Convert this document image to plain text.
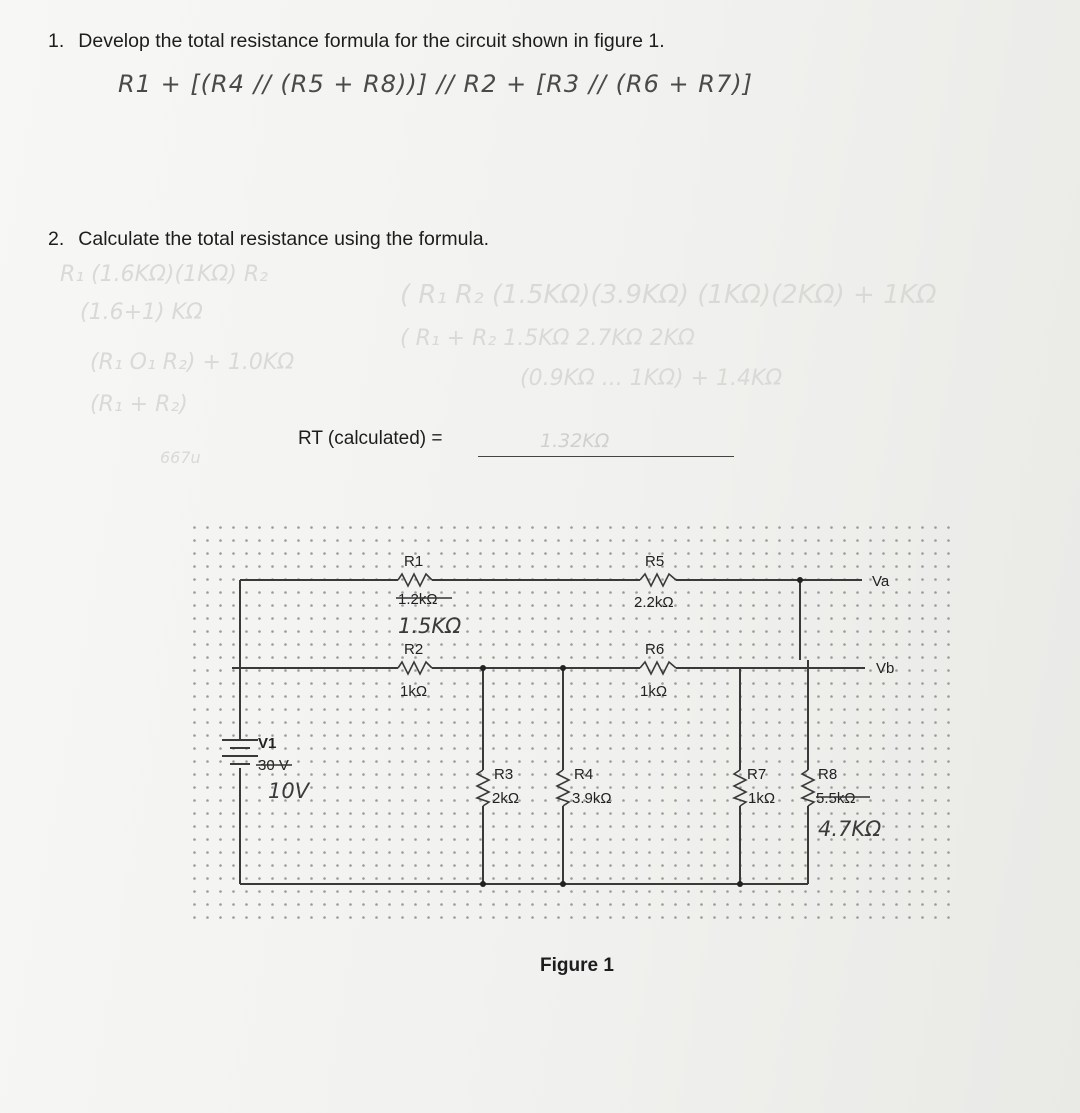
1. Develop the total resistance formula for the circuit shown in figure 1.
R1 + [(R4 // (R5 + R8))] // R2 + [R3 // (R6 + R7)]
2. Calculate the total resistance using the formula.
R₁ (1.6KΩ)(1KΩ) R₂
(1.6+1) KΩ
( R₁ R₂ (1.5KΩ)(3.9KΩ) (1KΩ)(2KΩ) + 1KΩ
( R₁ + R₂ 1.5KΩ 2.7KΩ 2KΩ
(R₁ O₁ R₂) + 1.0KΩ
(R₁ + R₂)
(0.9KΩ ... 1KΩ) + 1.4KΩ
667u
RT (calculated) =	1.32KΩ
R1
1.2kΩ
1.5KΩ
R2
1kΩ
R3
2kΩ
R4
3.9kΩ
R5
2.2kΩ
R6
1kΩ
R7
1kΩ
R8
5.5kΩ
4.7KΩ
V1
30 V
10V
Va
Vb
Figure 1
